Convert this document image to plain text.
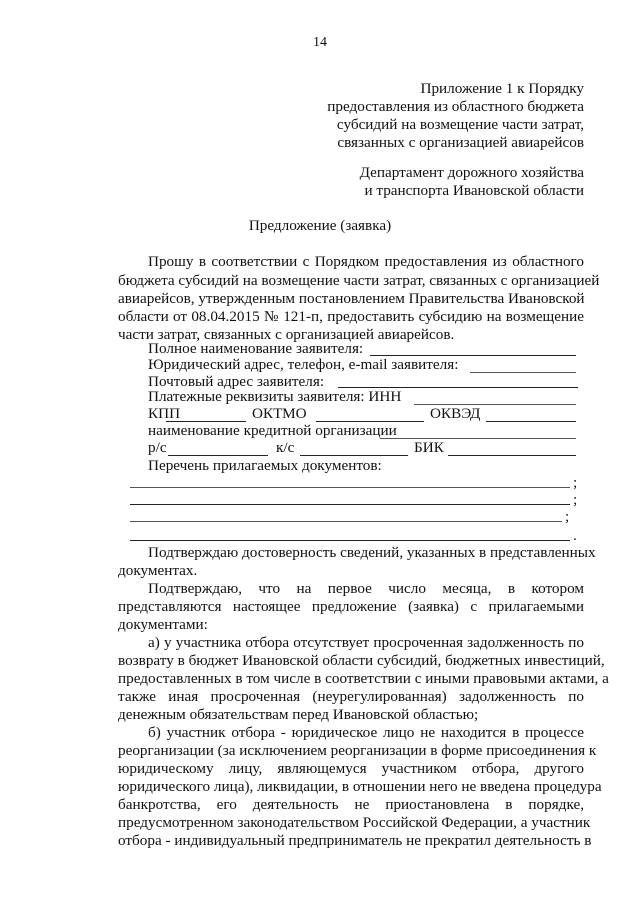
14
Приложение 1 к Порядку
предоставления из областного бюджета
субсидий на возмещение части затрат,
связанных с организацией авиарейсов
Департамент дорожного хозяйства
и транспорта Ивановской области
Предложение (заявка)
Прошу в соответствии с Порядком предоставления из областного
бюджета субсидий на возмещение части затрат, связанных с организацией
авиарейсов, утвержденным постановлением Правительства Ивановской
области от 08.04.2015 № 121-п, предоставить субсидию на возмещение
части затрат, связанных с организацией авиарейсов.
Полное наименование заявителя:
Юридический адрес, телефон, e-mail заявителя:
Почтовый адрес заявителя:
Платежные реквизиты заявителя: ИНН
КПП	ОКТМО	ОКВЭД
наименование кредитной организации
р/с	к/с	БИК
Перечень прилагаемых документов:
;
;
;
.
Подтверждаю достоверность сведений, указанных в представленных
документах.
Подтверждаю, что на первое число месяца, в котором
представляются настоящее предложение (заявка) с прилагаемыми
документами:
а) у участника отбора отсутствует просроченная задолженность по
возврату в бюджет Ивановской области субсидий, бюджетных инвестиций,
предоставленных в том числе в соответствии с иными правовыми актами, а
также иная просроченная (неурегулированная) задолженность по
денежным обязательствам перед Ивановской областью;
б) участник отбора - юридическое лицо не находится в процессе
реорганизации (за исключением реорганизации в форме присоединения к
юридическому лицу, являющемуся участником отбора, другого
юридического лица), ликвидации, в отношении него не введена процедура
банкротства, его деятельность не приостановлена в порядке,
предусмотренном законодательством Российской Федерации, а участник
отбора - индивидуальный предприниматель не прекратил деятельность в
